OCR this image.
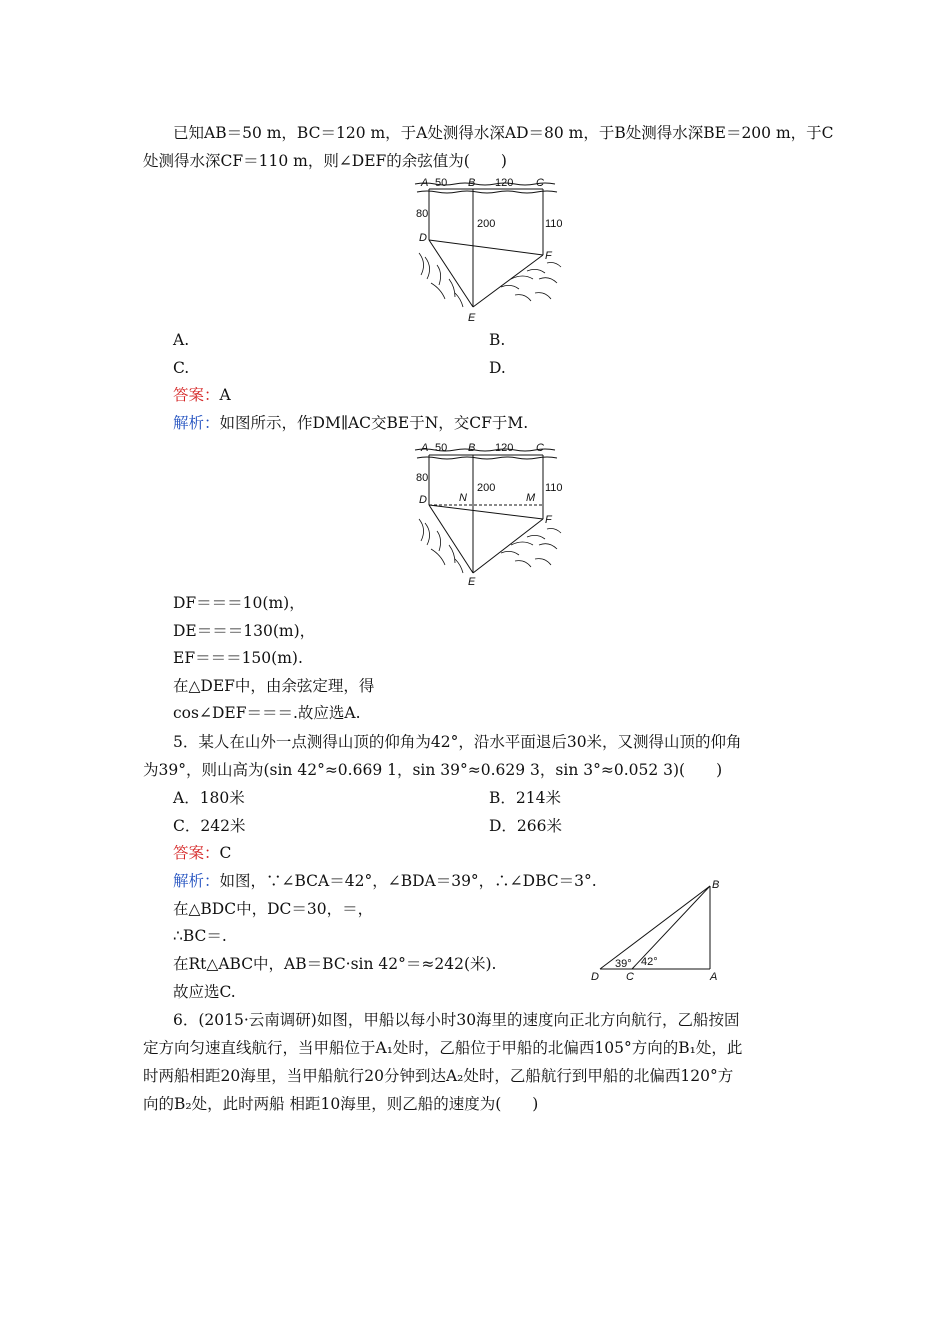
已知AB＝50 m，BC＝120 m，于A处测得水深AD＝80 m，于B处测得水深BE＝200 m，于C
处测得水深CF＝110 m，则∠DEF的余弦值为(　　)
A 50 B 120 C
80
200	110
D
F
E
A.	B.
C.	D.
答案：A
解析：如图所示，作DM∥AC交BE于N，交CF于M.
A 50 B 120 C
80
200	110
D	N	M
F
E
DF＝＝＝10(m)，
DE＝＝＝130(m)，
EF＝＝＝150(m).
在△DEF中，由余弦定理，得
cos∠DEF＝＝＝.故应选A.
5．某人在山外一点测得山顶的仰角为42°，沿水平面退后30米，又测得山顶的仰角
为39°，则山高为(sin 42°≈0.669 1，sin 39°≈0.629 3，sin 3°≈0.052 3)(　　)
A．180米	B．214米
C．242米	D．266米
答案：C
解析：如图，∵∠BCA＝42°，∠BDA＝39°，∴∠DBC＝3°.
在△BDC中，DC＝30，＝，
∴BC＝.
在Rt△ABC中，AB＝BC·sin 42°＝≈242(米).
故应选C.
B
D C	A
39° 42°
6．(2015·云南调研)如图，甲船以每小时30海里的速度向正北方向航行，乙船按固
定方向匀速直线航行，当甲船位于A₁处时，乙船位于甲船的北偏西105°方向的B₁处，此
时两船相距20海里，当甲船航行20分钟到达A₂处时，乙船航行到甲船的北偏西120°方
向的B₂处，此时两船 相距10海里，则乙船的速度为(　　)
